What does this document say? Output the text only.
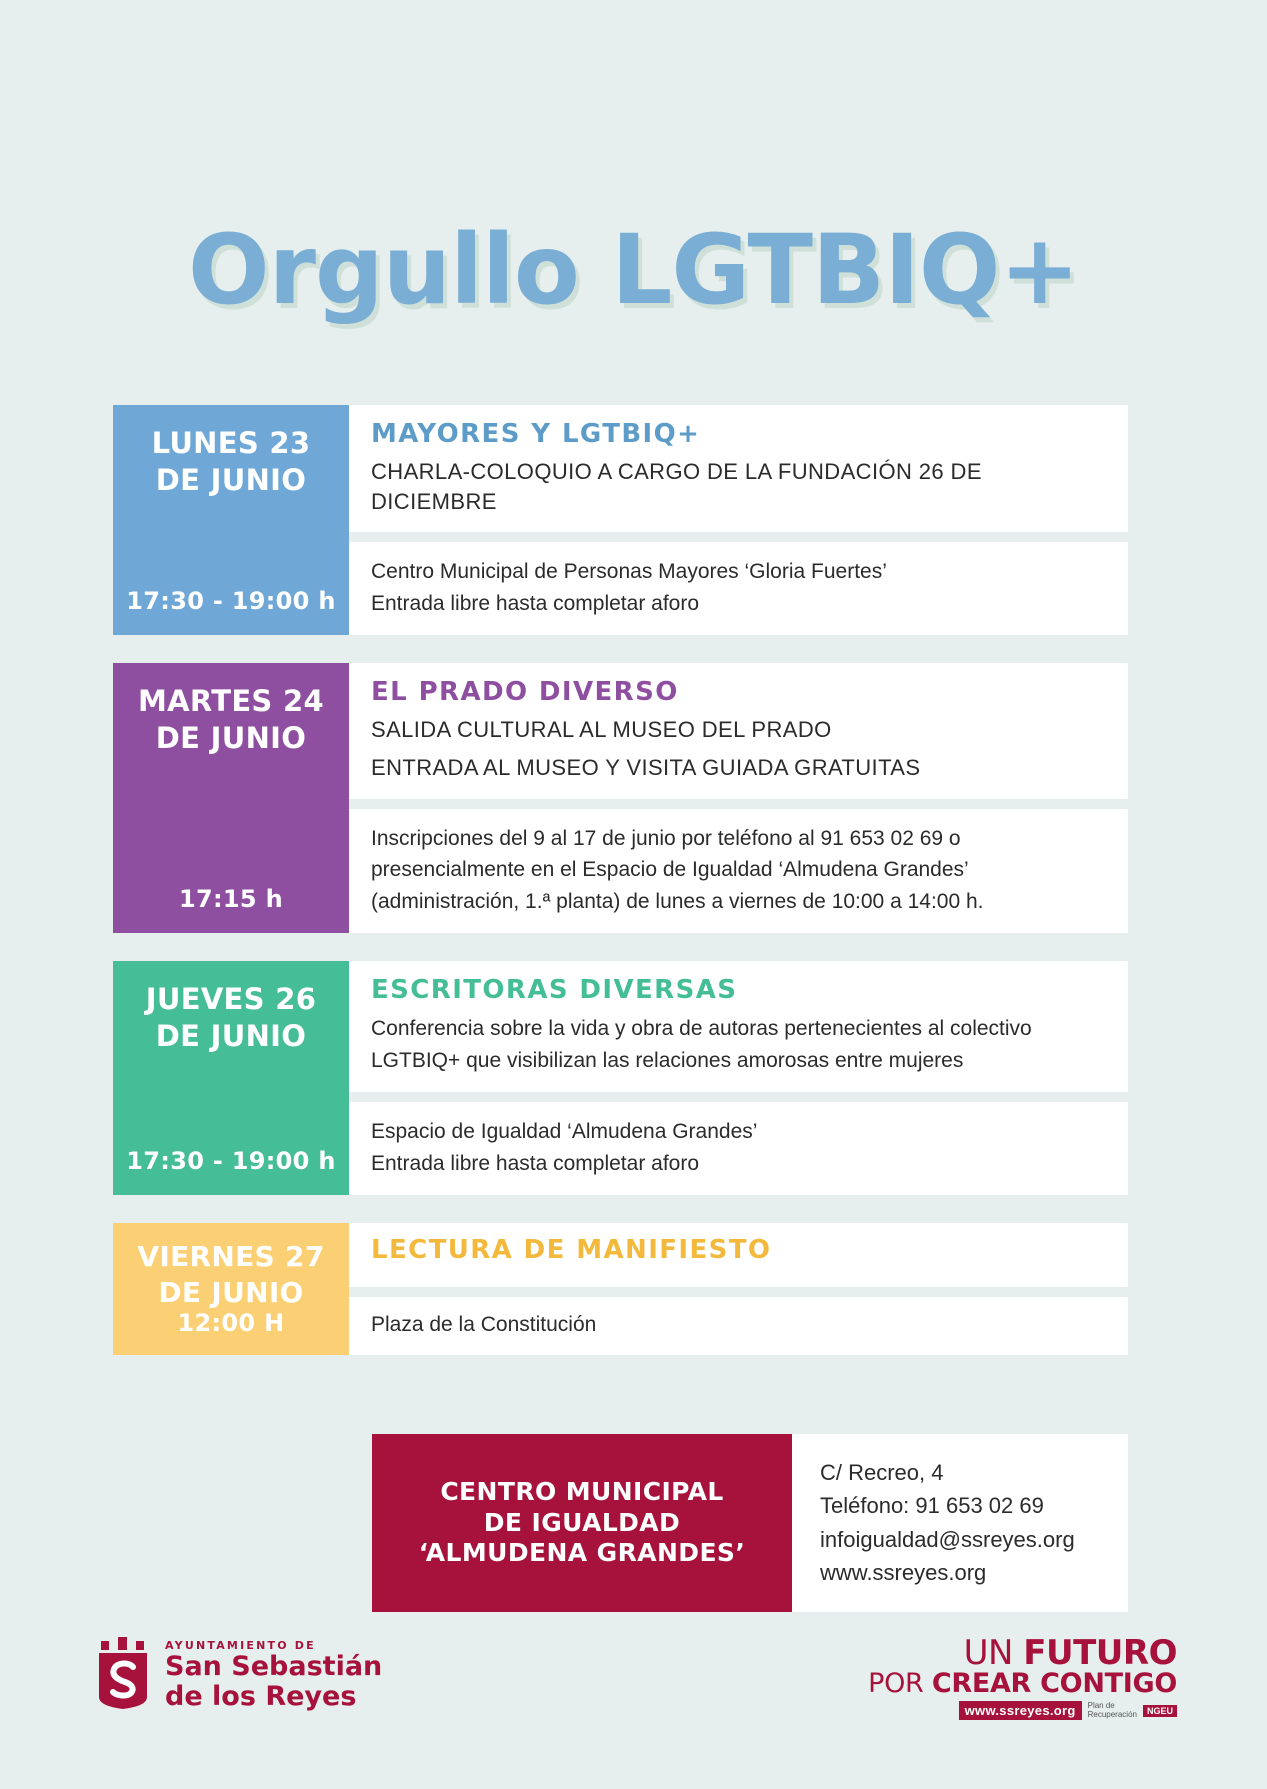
Orgullo LGTBIQ+
LUNES 23
DE JUNIO
17:30 - 19:00 h
MAYORES Y LGTBIQ+

CHARLA-COLOQUIO A CARGO DE LA FUNDACIÓN 26 DE DICIEMBRE

Centro Municipal de Personas Mayores ‘Gloria Fuertes’

Entrada libre hasta completar aforo

MARTES 24
DE JUNIO
17:15 h
EL PRADO DIVERSO

SALIDA CULTURAL AL MUSEO DEL PRADO

ENTRADA AL MUSEO Y VISITA GUIADA GRATUITAS

Inscripciones del 9 al 17 de junio por teléfono al 91 653 02 69 o presencialmente en el Espacio de Igualdad ‘Almudena Grandes’ (administración, 1.ª planta) de lunes a viernes de 10:00 a 14:00 h.

JUEVES 26
DE JUNIO
17:30 - 19:00 h
ESCRITORAS DIVERSAS

Conferencia sobre la vida y obra de autoras pertenecientes al colectivo LGTBIQ+ que visibilizan las relaciones amorosas entre mujeres

Espacio de Igualdad ‘Almudena Grandes’

Entrada libre hasta completar aforo

VIERNES 27
DE JUNIO
12:00 H
LECTURA DE MANIFIESTO

Plaza de la Constitución

CENTRO MUNICIPAL
DE IGUALDAD
‘ALMUDENA GRANDES’
C/ Recreo, 4
Teléfono: 91 653 02 69
infoigualdad@ssreyes.org
www.ssreyes.org
AYUNTAMIENTO DE
San Sebastián
de los Reyes
UN FUTURO
POR CREAR CONTIGO
www.ssreyes.org	Plan de
Recuperación	NGEU
